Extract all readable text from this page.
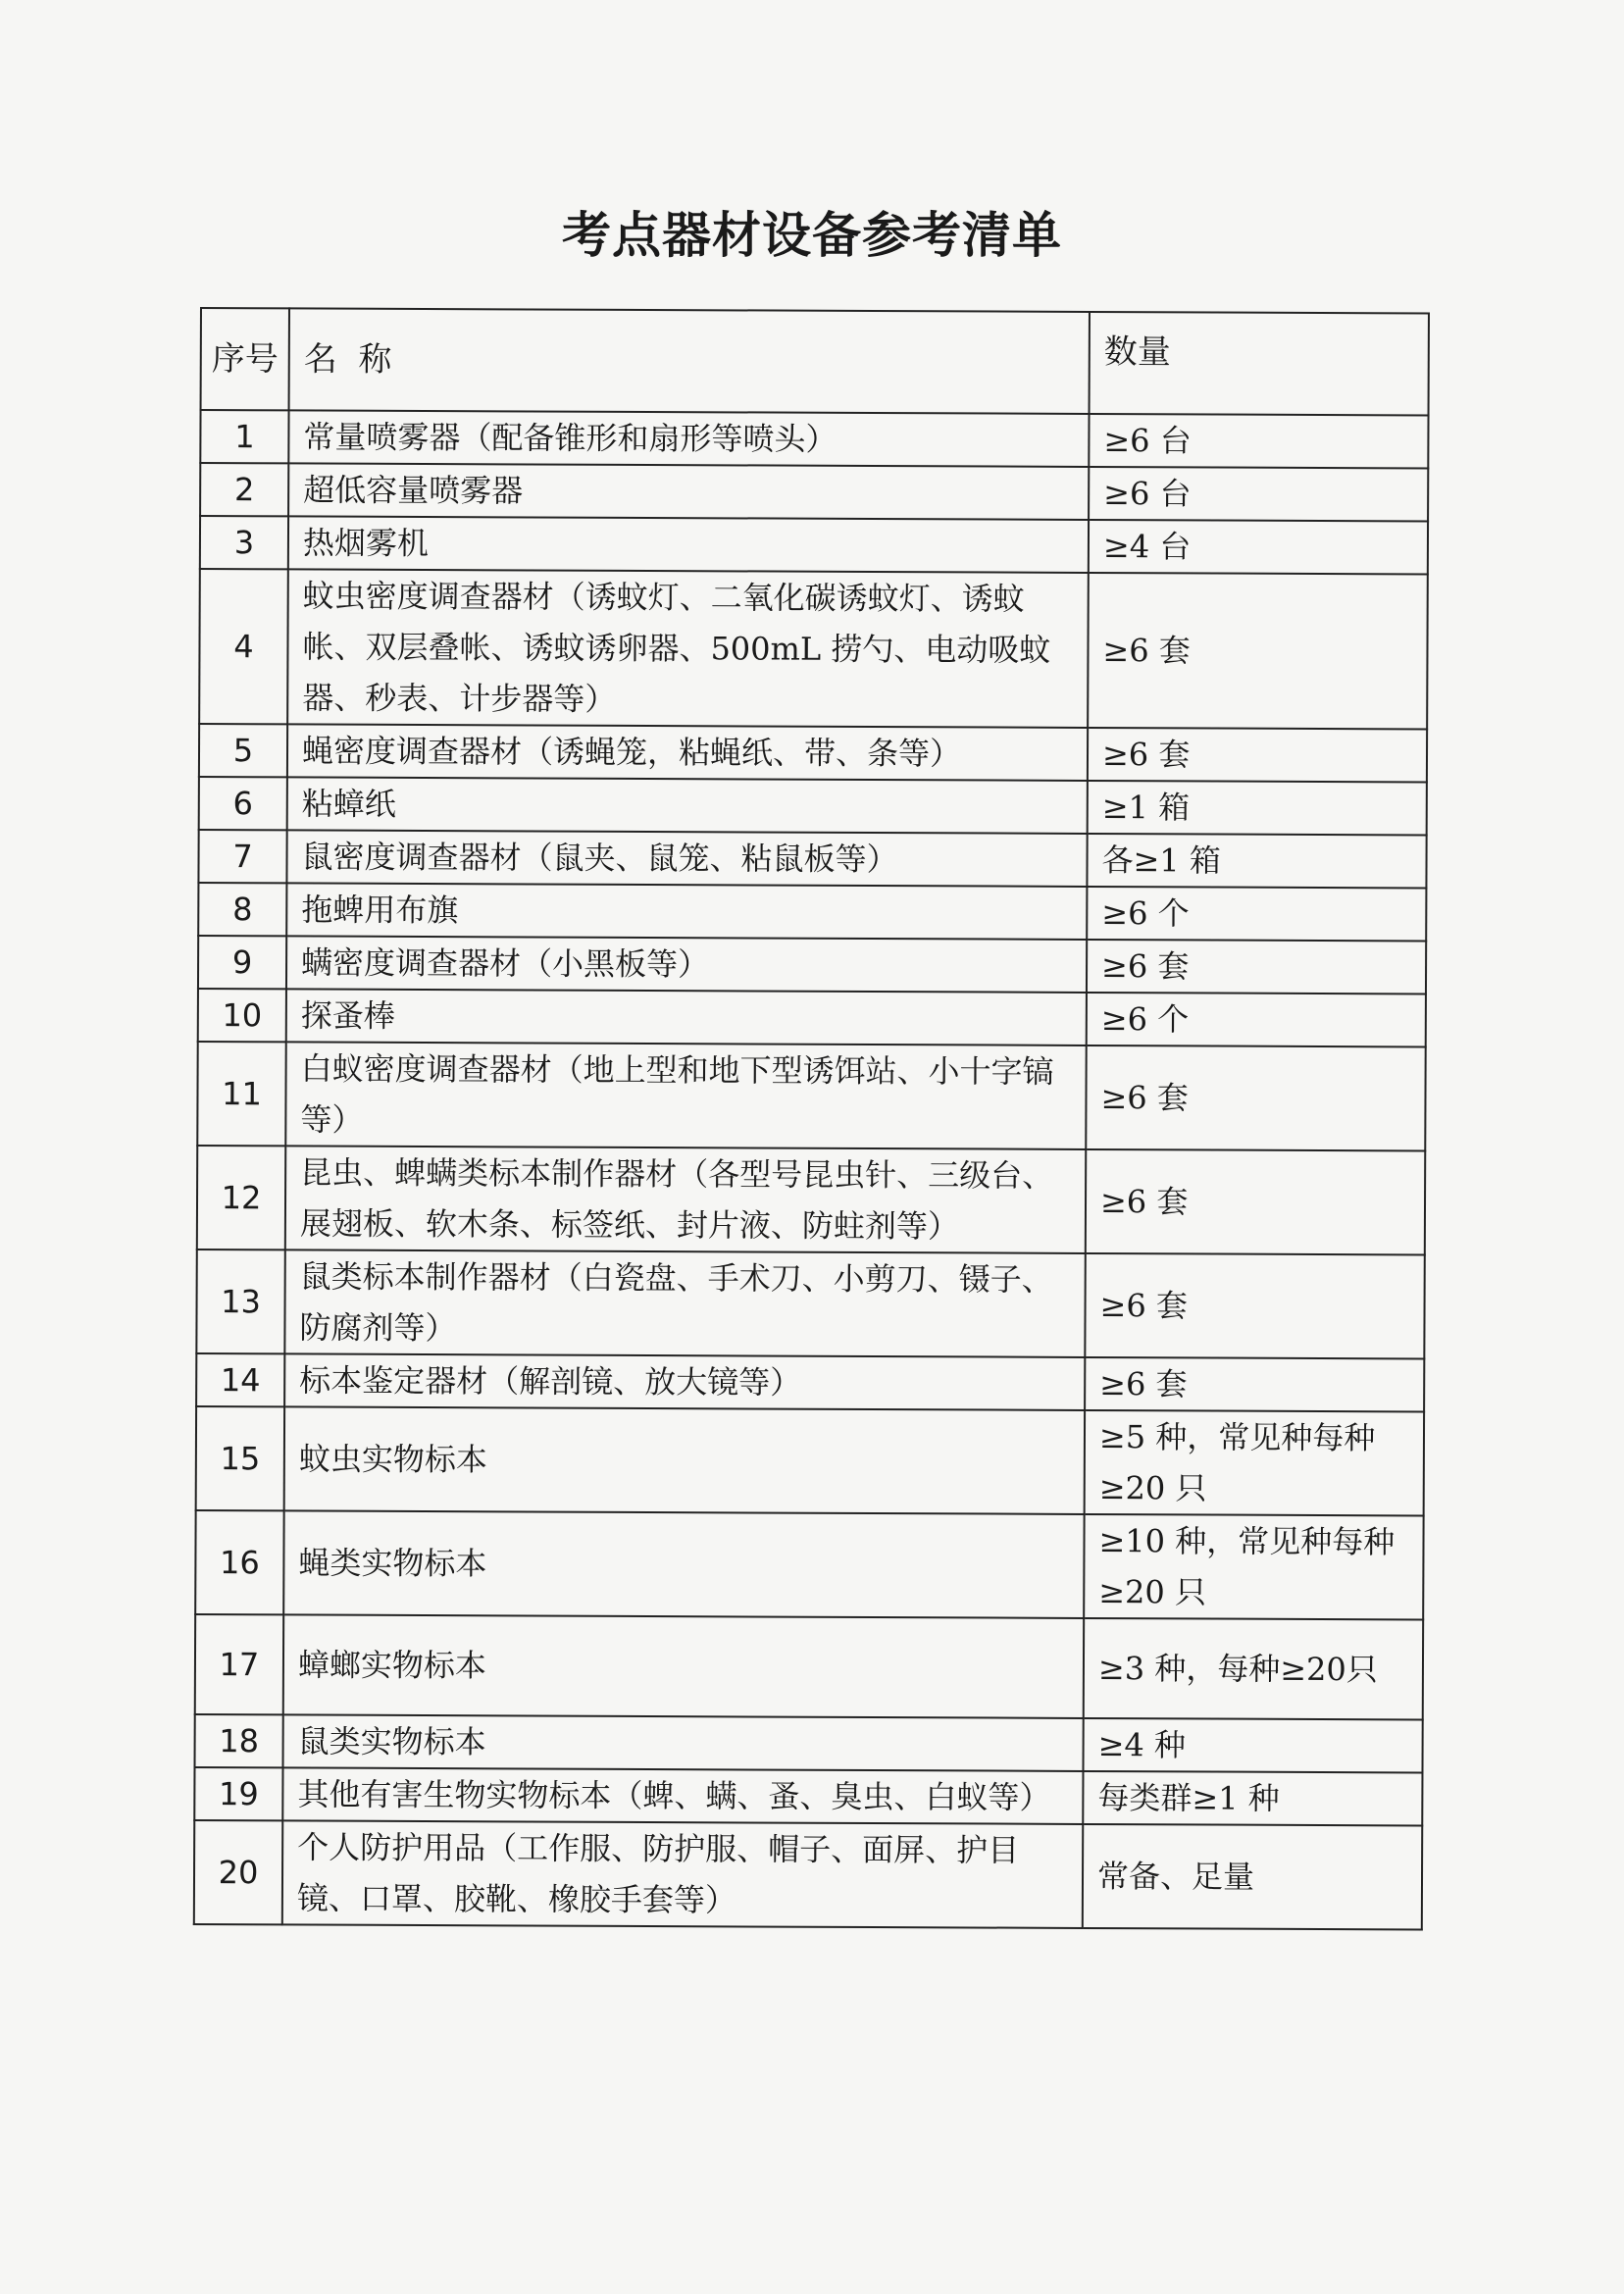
考点器材设备参考清单
序号	名  称	数量
1	常量喷雾器（配备锥形和扇形等喷头）	≥6 台
2	超低容量喷雾器	≥6 台
3	热烟雾机	≥4 台
4	蚊虫密度调查器材（诱蚊灯、二氧化碳诱蚊灯、诱蚊帐、双层叠帐、诱蚊诱卵器、500mL 捞勺、电动吸蚊器、秒表、计步器等）	≥6 套
5	蝇密度调查器材（诱蝇笼，粘蝇纸、带、条等）	≥6 套
6	粘蟑纸	≥1 箱
7	鼠密度调查器材（鼠夹、鼠笼、粘鼠板等）	各≥1 箱
8	拖蜱用布旗	≥6 个
9	螨密度调查器材（小黑板等）	≥6 套
10	探蚤棒	≥6 个
11	白蚁密度调查器材（地上型和地下型诱饵站、小十字镐等）	≥6 套
12	昆虫、蜱螨类标本制作器材（各型号昆虫针、三级台、展翅板、软木条、标签纸、封片液、防蛀剂等）	≥6 套
13	鼠类标本制作器材（白瓷盘、手术刀、小剪刀、镊子、防腐剂等）	≥6 套
14	标本鉴定器材（解剖镜、放大镜等）	≥6 套
15	蚊虫实物标本	≥5 种，常见种每种≥20 只
16	蝇类实物标本	≥10 种，常见种每种≥20 只
17	蟑螂实物标本	≥3 种，每种≥20只
18	鼠类实物标本	≥4 种
19	其他有害生物实物标本（蜱、螨、蚤、臭虫、白蚁等）	每类群≥1 种
20	个人防护用品（工作服、防护服、帽子、面屏、护目镜、口罩、胶靴、橡胶手套等）	常备、足量
